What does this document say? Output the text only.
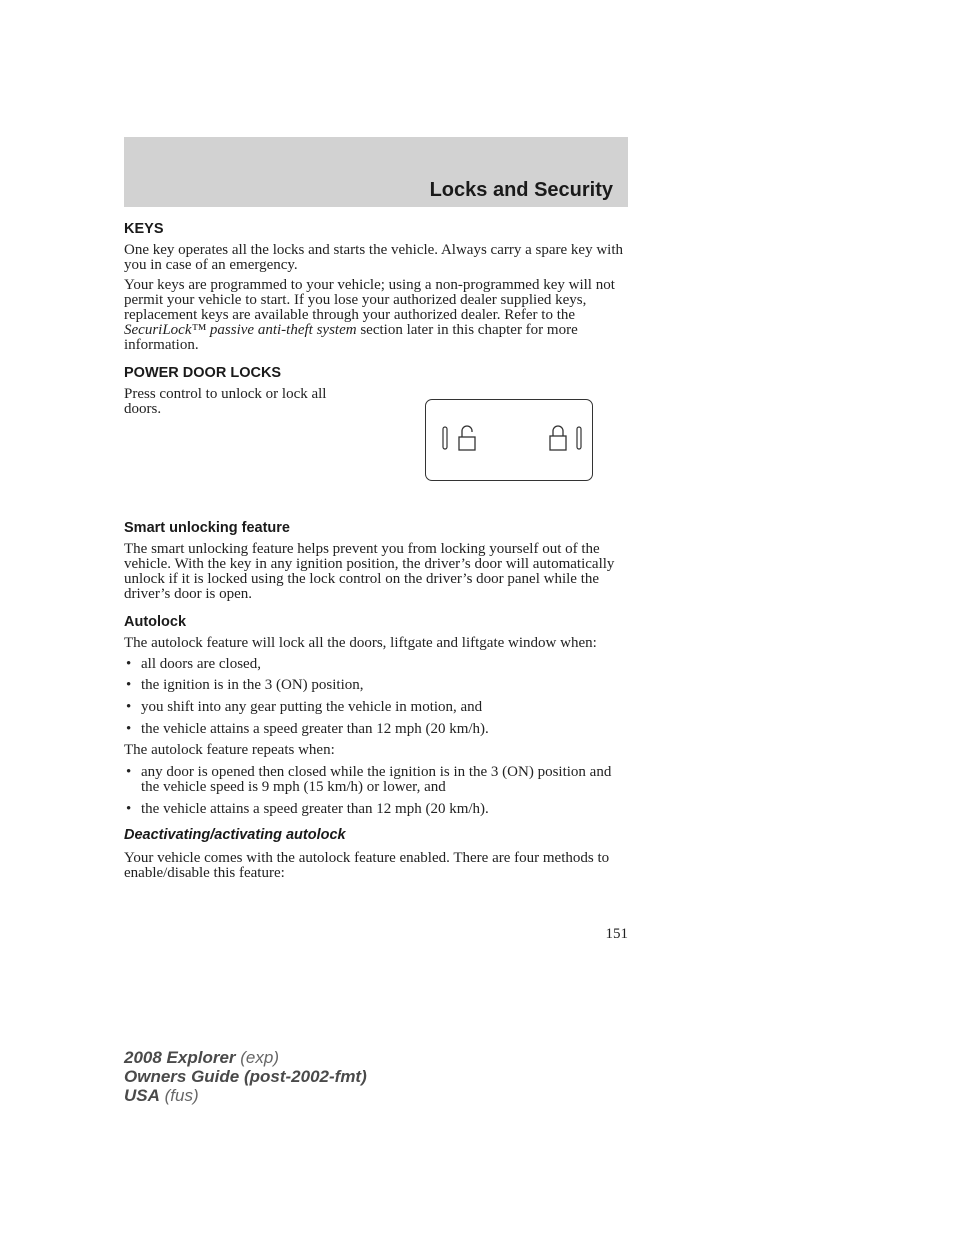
Locks and Security
KEYS

One key operates all the locks and starts the vehicle. Always carry a spare key with you in case of an emergency.

Your keys are programmed to your vehicle; using a non-programmed key will not permit your vehicle to start. If you lose your authorized dealer supplied keys, replacement keys are available through your authorized dealer. Refer to the SecuriLock™ passive anti-theft system section later in this chapter for more information.

POWER DOOR LOCKS

Press control to unlock or lock all doors.

Smart unlocking feature

The smart unlocking feature helps prevent you from locking yourself out of the vehicle. With the key in any ignition position, the driver’s door will automatically unlock if it is locked using the lock control on the driver’s door panel while the driver’s door is open.

Autolock

The autolock feature will lock all the doors, liftgate and liftgate window when:

• all doors are closed,
• the ignition is in the 3 (ON) position,
• you shift into any gear putting the vehicle in motion, and
• the vehicle attains a speed greater than 12 mph (20 km/h).

The autolock feature repeats when:

• any door is opened then closed while the ignition is in the 3 (ON) position and the vehicle speed is 9 mph (15 km/h) or lower, and
• the vehicle attains a speed greater than 12 mph (20 km/h).
Deactivating/activating autolock

Your vehicle comes with the autolock feature enabled. There are four methods to enable/disable this feature:

151
2008 Explorer (exp)
Owners Guide (post-2002-fmt)
USA (fus)
